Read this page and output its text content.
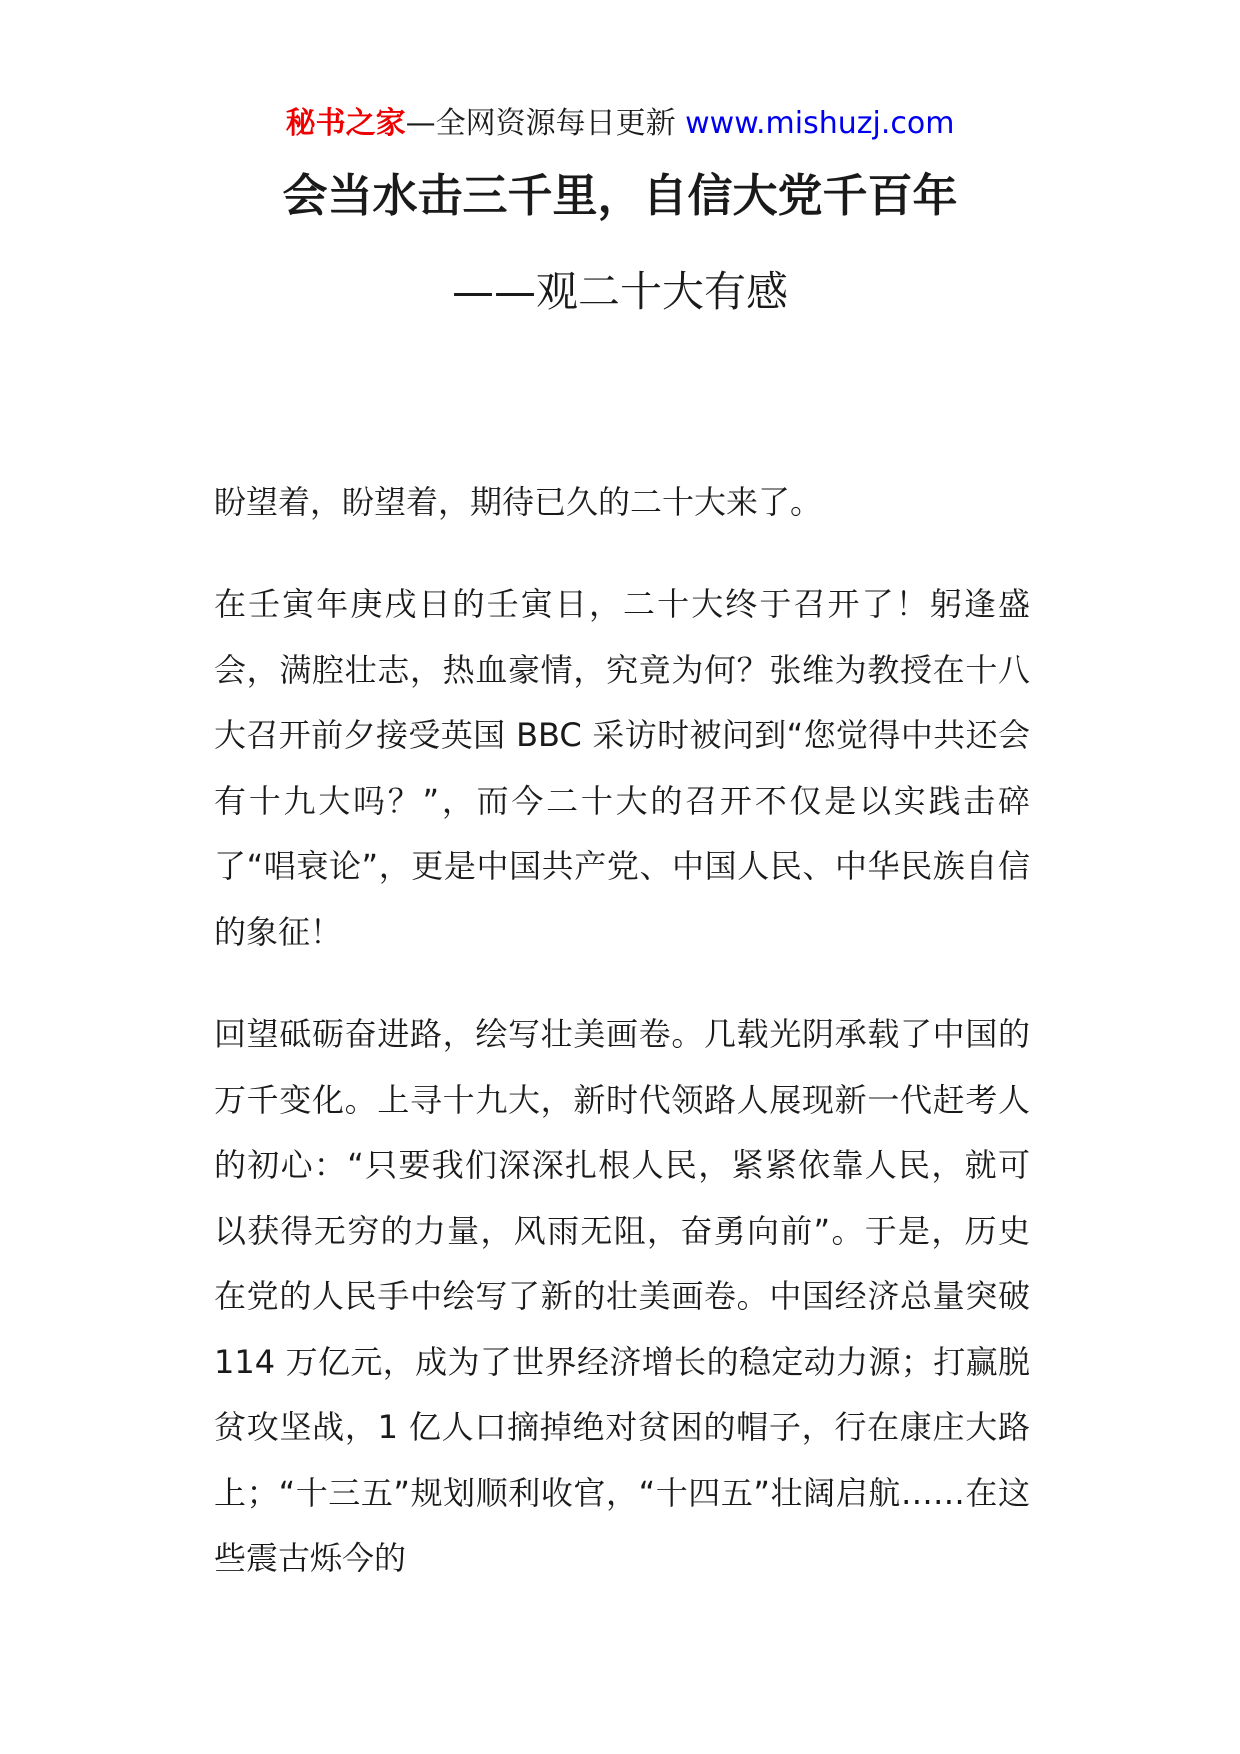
秘书之家—全网资源每日更新 www.mishuzj.com
会当水击三千里，自信大党千百年
——观二十大有感

盼望着，盼望着，期待已久的二十大来了。

在壬寅年庚戌日的壬寅日，二十大终于召开了！躬逢盛会，满腔壮志，热血豪情，究竟为何？张维为教授在十八大召开前夕接受英国 BBC 采访时被问到“您觉得中共还会有十九大吗？”，而今二十大的召开不仅是以实践击碎了“唱衰论”，更是中国共产党、中国人民、中华民族自信的象征！

回望砥砺奋进路，绘写壮美画卷。几载光阴承载了中国的万千变化。上寻十九大，新时代领路人展现新一代赶考人的初心：“只要我们深深扎根人民，紧紧依靠人民，就可以获得无穷的力量，风雨无阻，奋勇向前”。于是，历史在党的人民手中绘写了新的壮美画卷。中国经济总量突破 114 万亿元，成为了世界经济增长的稳定动力源；打赢脱贫攻坚战，1 亿人口摘掉绝对贫困的帽子，行在康庄大路上；“十三五”规划顺利收官，“十四五”壮阔启航……在这些震古烁今的
